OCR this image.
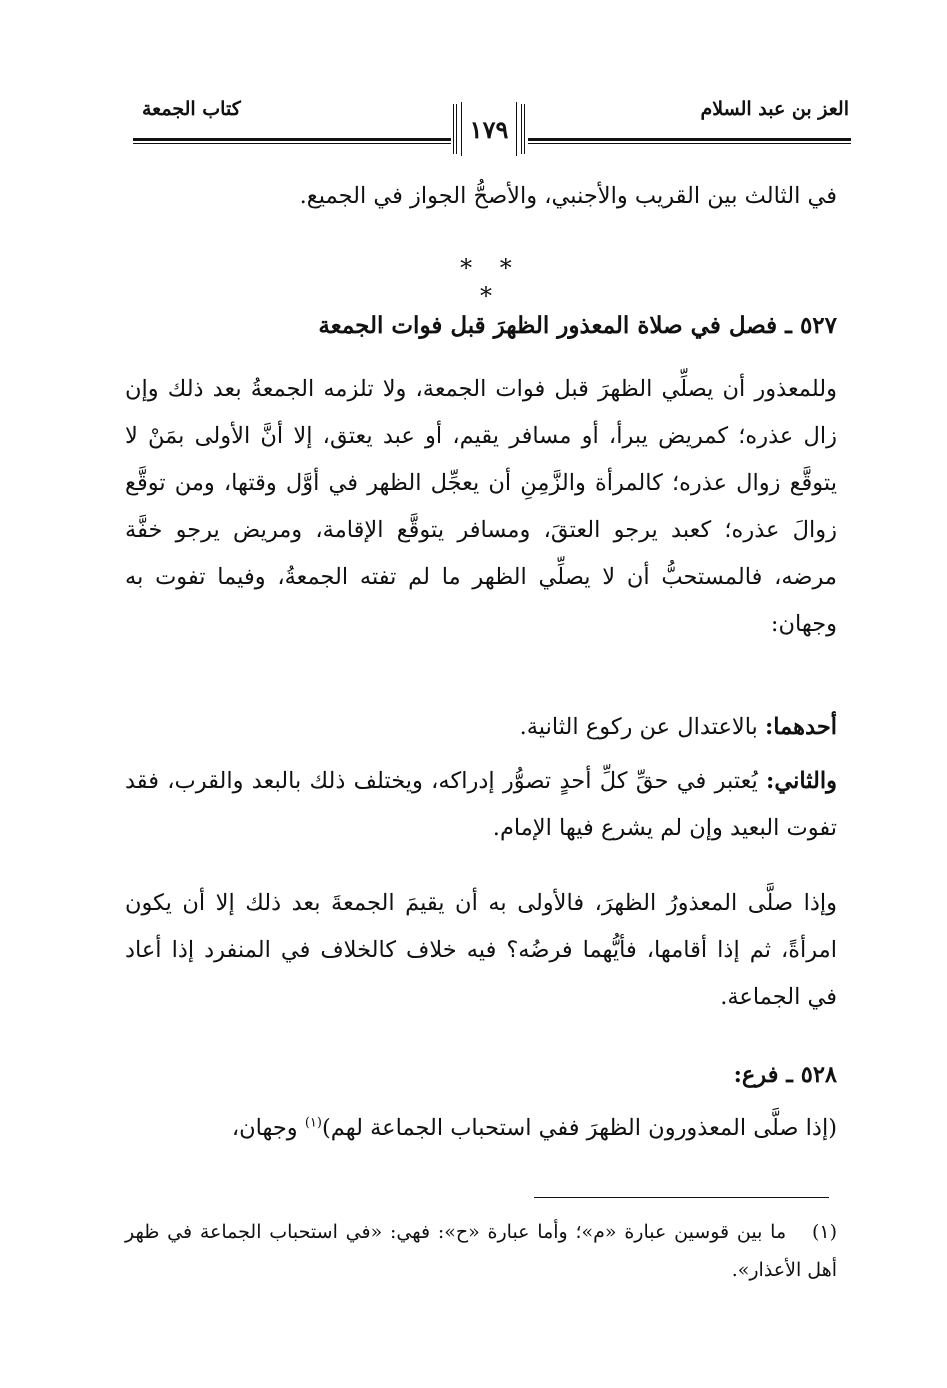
العز بن عبد السلام
كتاب الجمعة
١٧٩
في الثالث بين القريب والأجنبي، والأصحُّ الجواز في الجميع.
* * *
٥٢٧ ـ فصل في صلاة المعذور الظهرَ قبل فوات الجمعة
وللمعذور أن يصلِّي الظهرَ قبل فوات الجمعة، ولا تلزمه الجمعةُ بعد ذلك وإن زال عذره؛ كمريض يبرأ، أو مسافر يقيم، أو عبد يعتق، إلا أنَّ الأولى بمَنْ لا يتوقَّع زوال عذره؛ كالمرأة والزَّمِنِ أن يعجِّل الظهر في أوَّل وقتها، ومن توقَّع زوالَ عذره؛ كعبد يرجو العتقَ، ومسافر يتوقَّع الإقامة، ومريض يرجو خفَّة مرضه، فالمستحبُّ أن لا يصلِّي الظهر ما لم تفته الجمعةُ، وفيما تفوت به وجهان:
أحدهما: بالاعتدال عن ركوع الثانية.
والثاني: يُعتبر في حقِّ كلِّ أحدٍ تصوُّر إدراكه، ويختلف ذلك بالبعد والقرب، فقد تفوت البعيد وإن لم يشرع فيها الإمام.
وإذا صلَّى المعذورُ الظهرَ، فالأولى به أن يقيمَ الجمعةَ بعد ذلك إلا أن يكون امرأةً، ثم إذا أقامها، فأيُّهما فرضُه؟ فيه خلاف كالخلاف في المنفرد إذا أعاد في الجماعة.
٥٢٨ ـ فرع:
(إذا صلَّى المعذورون الظهرَ ففي استحباب الجماعة لهم)$^{(١)}$ وجهان،
(١) ما بين قوسين عبارة «م»؛ وأما عبارة «ح»: فهي: «في استحباب الجماعة في ظهر أهل الأعذار».
